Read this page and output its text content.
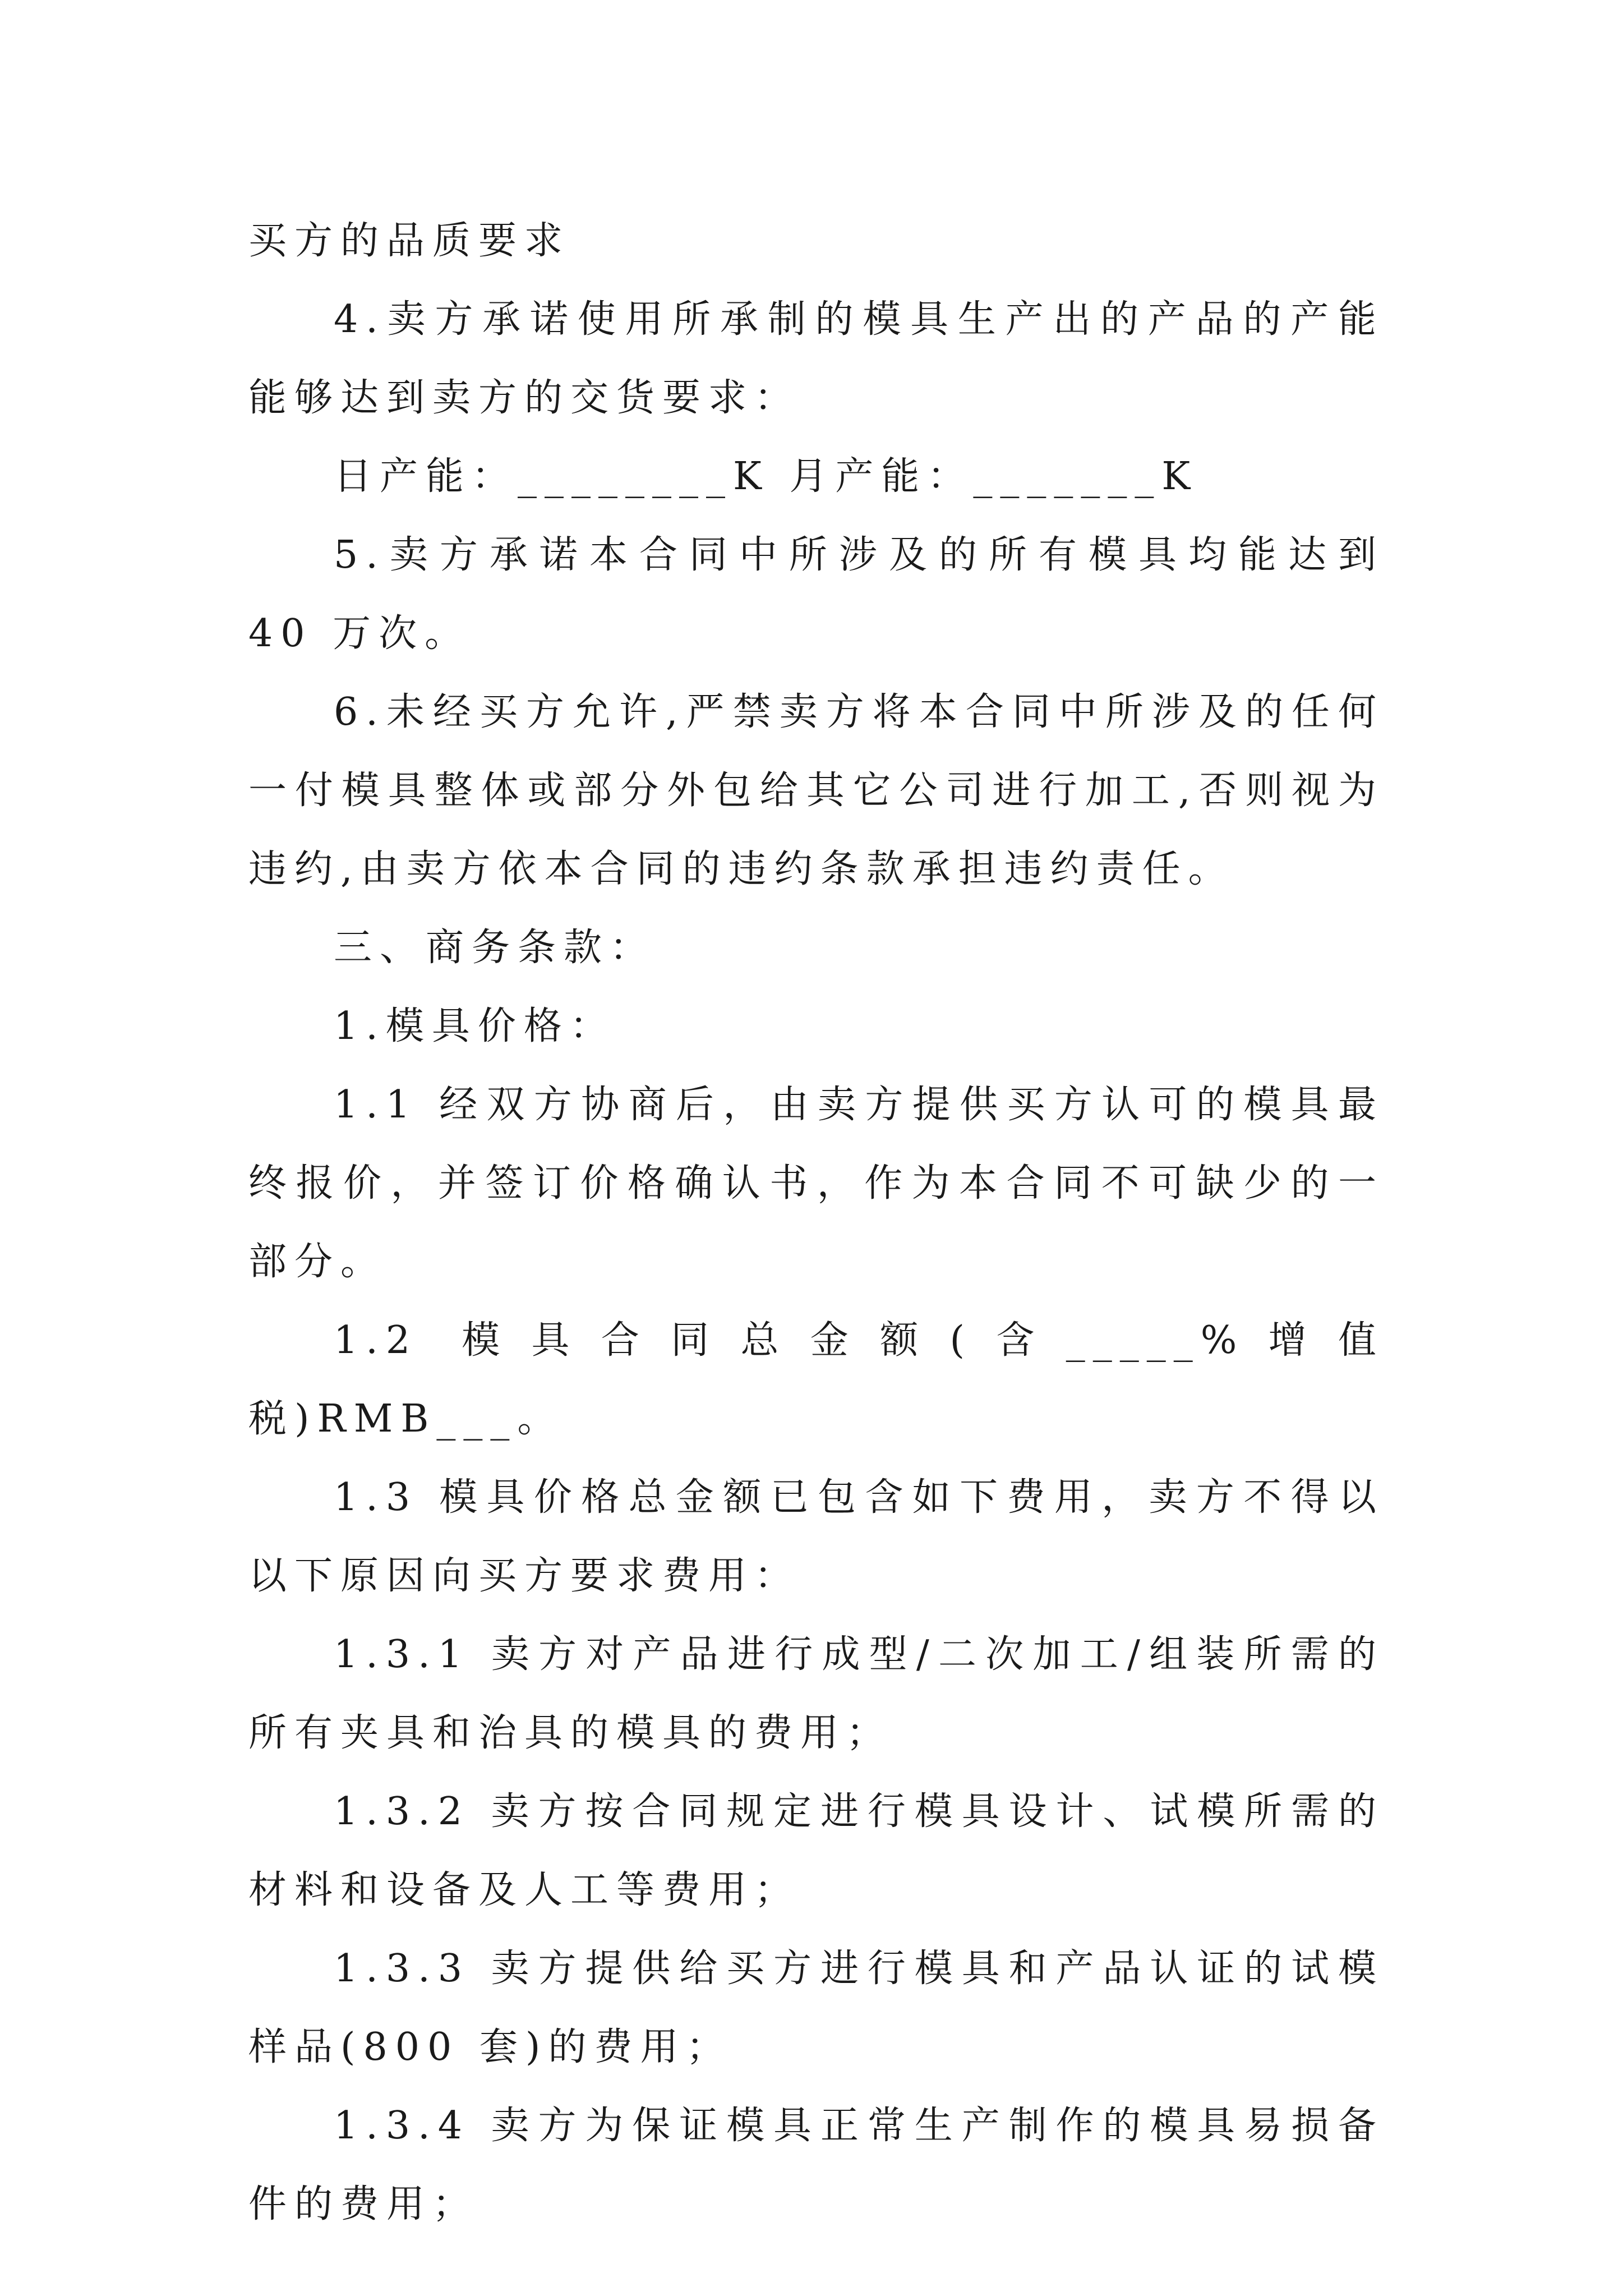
买方的品质要求

4.卖方承诺使用所承制的模具生产出的产品的产能能够达到卖方的交货要求：

日产能：________K 月产能：_______K

5.卖方承诺本合同中所涉及的所有模具均能达到 40 万次。

6.未经买方允许,严禁卖方将本合同中所涉及的任何一付模具整体或部分外包给其它公司进行加工,否则视为违约,由卖方依本合同的违约条款承担违约责任。

三、商务条款：

1.模具价格：

1.1 经双方协商后，由卖方提供买方认可的模具最终报价，并签订价格确认书，作为本合同不可缺少的一部分。

1.2 模具合同总金额(含_____%增值税)RMB___。

1.3 模具价格总金额已包含如下费用，卖方不得以以下原因向买方要求费用：

1.3.1 卖方对产品进行成型/二次加工/组装所需的所有夹具和治具的模具的费用；

1.3.2 卖方按合同规定进行模具设计、试模所需的材料和设备及人工等费用；

1.3.3 卖方提供给买方进行模具和产品认证的试模样品(800 套)的费用；

1.3.4 卖方为保证模具正常生产制作的模具易损备件的费用；
